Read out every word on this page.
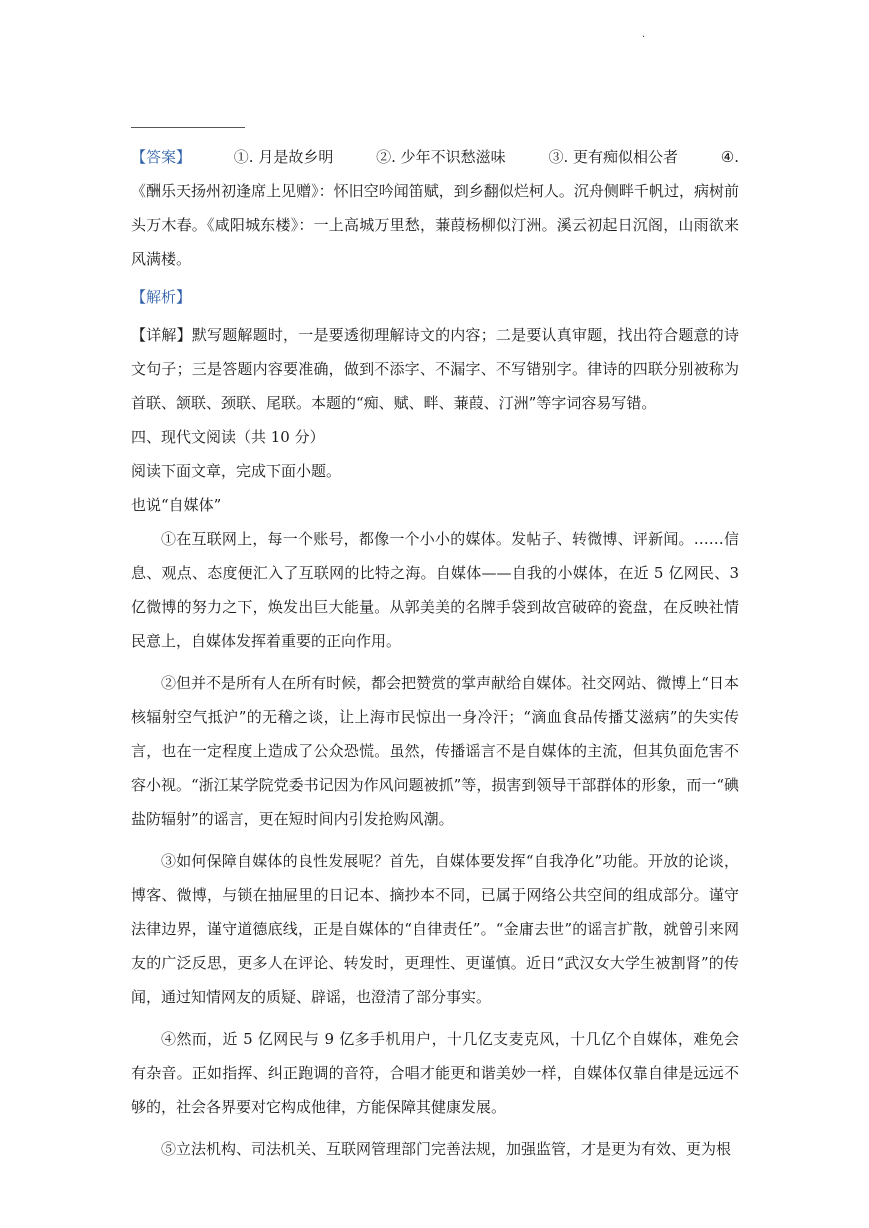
·
【答案】	①. 月是故乡明	②. 少年不识愁滋味	③. 更有痴似相公者	④.

《酬乐天扬州初逢席上见赠》：怀旧空吟闻笛赋，到乡翻似烂柯人。沉舟侧畔千帆过，病树前头万木春。《咸阳城东楼》：一上高城万里愁，蒹葭杨柳似汀洲。溪云初起日沉阁，山雨欲来风满楼。

【解析】

【详解】默写题解题时，一是要透彻理解诗文的内容；二是要认真审题，找出符合题意的诗文句子；三是答题内容要准确，做到不添字、不漏字、不写错别字。律诗的四联分别被称为首联、颔联、颈联、尾联。本题的“痴、赋、畔、蒹葭、汀洲”等字词容易写错。

四、现代文阅读（共 10 分）

阅读下面文章，完成下面小题。

也说“自媒体”

①在互联网上，每一个账号，都像一个小小的媒体。发帖子、转微博、评新闻。……信息、观点、态度便汇入了互联网的比特之海。自媒体——自我的小媒体，在近 5 亿网民、3 亿微博的努力之下，焕发出巨大能量。从郭美美的名牌手袋到故宫破碎的瓷盘，在反映社情民意上，自媒体发挥着重要的正向作用。

②但并不是所有人在所有时候，都会把赞赏的掌声献给自媒体。社交网站、微博上“日本核辐射空气抵沪”的无稽之谈，让上海市民惊出一身冷汗；“滴血食品传播艾滋病”的失实传言，也在一定程度上造成了公众恐慌。虽然，传播谣言不是自媒体的主流，但其负面危害不容小视。“浙江某学院党委书记因为作风问题被抓”等，损害到领导干部群体的形象，而一“碘盐防辐射”的谣言，更在短时间内引发抢购风潮。

③如何保障自媒体的良性发展呢？首先，自媒体要发挥“自我净化”功能。开放的论谈，博客、微博，与锁在抽屉里的日记本、摘抄本不同，已属于网络公共空间的组成部分。谨守法律边界，谨守道德底线，正是自媒体的“自律责任”。“金庸去世”的谣言扩散，就曾引来网友的广泛反思，更多人在评论、转发时，更理性、更谨慎。近日“武汉女大学生被割肾”的传闻，通过知情网友的质疑、辟谣，也澄清了部分事实。

④然而，近 5 亿网民与 9 亿多手机用户，十几亿支麦克风，十几亿个自媒体，难免会有杂音。正如指挥、纠正跑调的音符，合唱才能更和谐美妙一样，自媒体仅靠自律是远远不够的，社会各界要对它构成他律，方能保障其健康发展。

⑤立法机构、司法机关、互联网管理部门完善法规，加强监管，才是更为有效、更为根
